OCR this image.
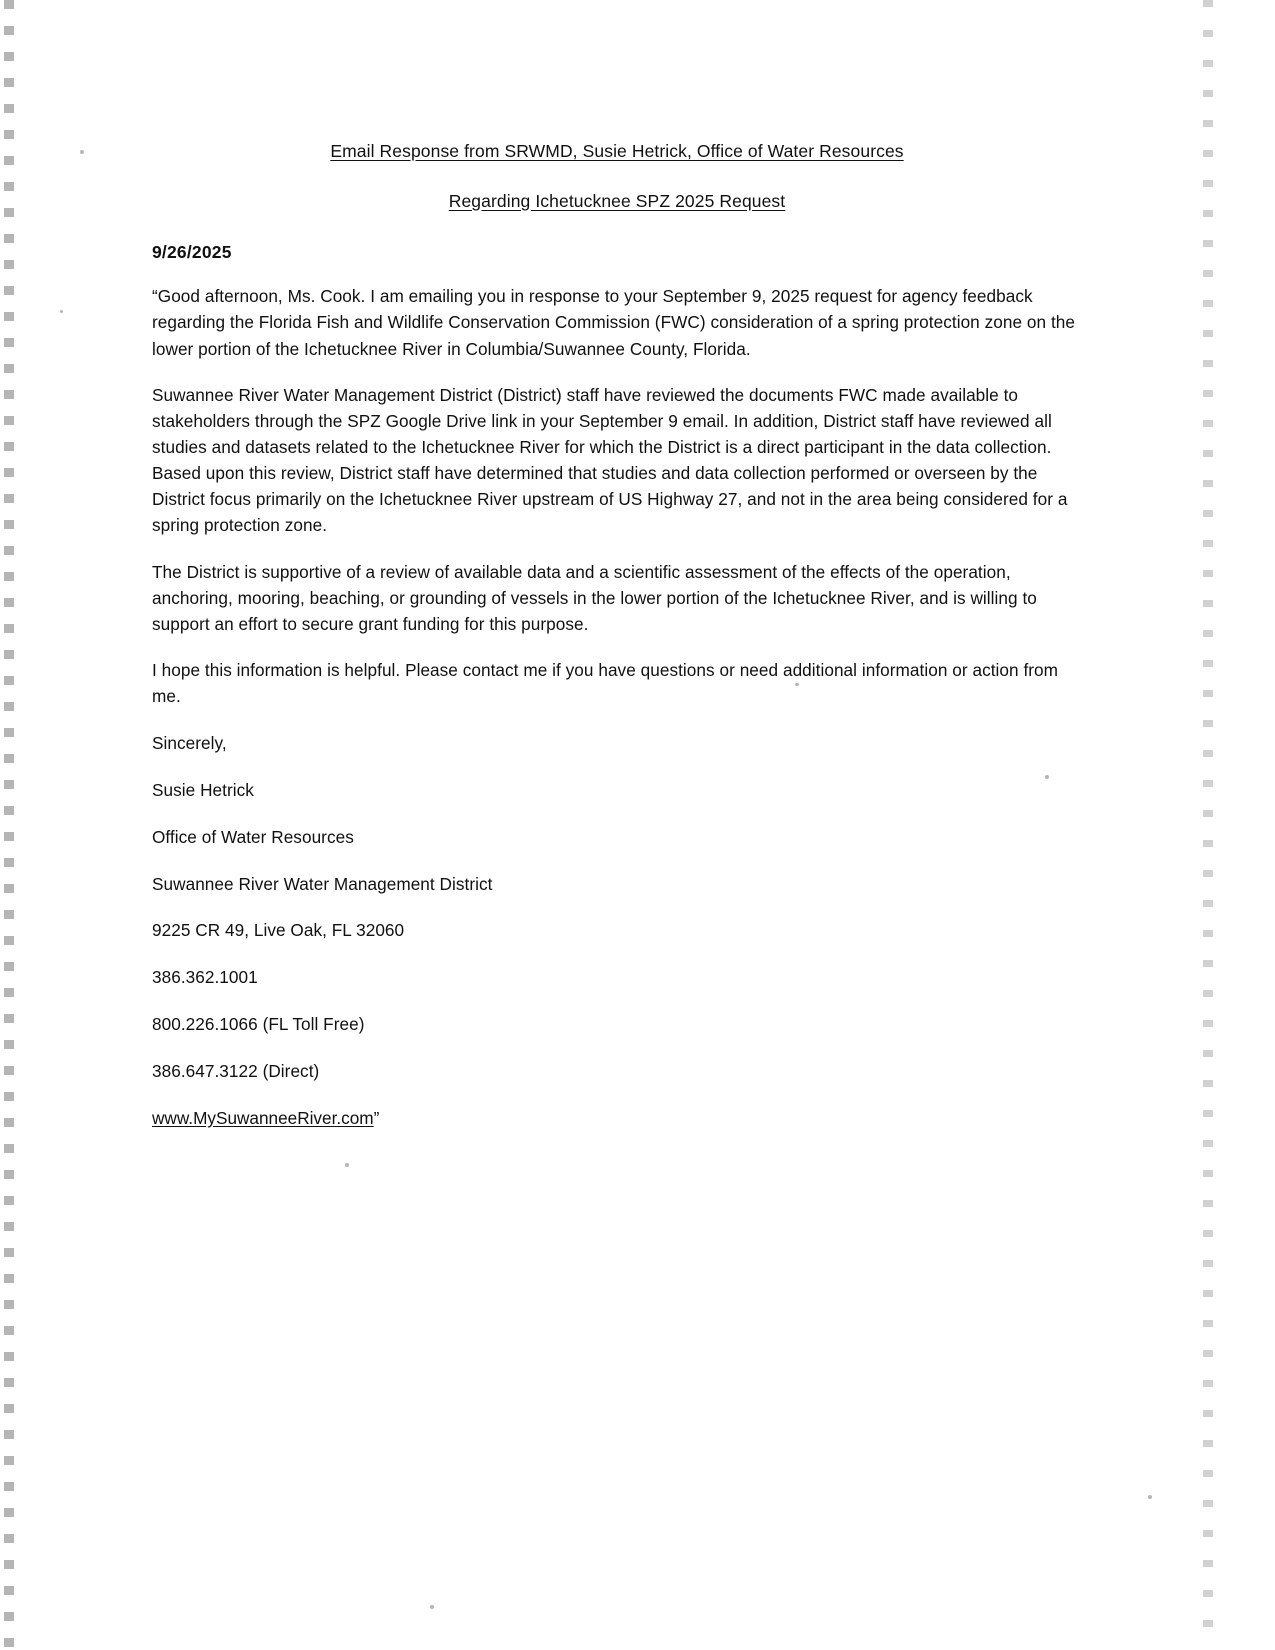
Email Response from SRWMD, Susie Hetrick, Office of Water Resources
Regarding Ichetucknee SPZ 2025 Request
9/26/2025

“Good afternoon, Ms. Cook. I am emailing you in response to your September 9, 2025 request for agency feedback regarding the Florida Fish and Wildlife Conservation Commission (FWC) consideration of a spring protection zone on the lower portion of the Ichetucknee River in Columbia/Suwannee County, Florida.

Suwannee River Water Management District (District) staff have reviewed the documents FWC made available to stakeholders through the SPZ Google Drive link in your September 9 email. In addition, District staff have reviewed all studies and datasets related to the Ichetucknee River for which the District is a direct participant in the data collection. Based upon this review, District staff have determined that studies and data collection performed or overseen by the District focus primarily on the Ichetucknee River upstream of US Highway 27, and not in the area being considered for a spring protection zone.

The District is supportive of a review of available data and a scientific assessment of the effects of the operation, anchoring, mooring, beaching, or grounding of vessels in the lower portion of the Ichetucknee River, and is willing to support an effort to secure grant funding for this purpose.

I hope this information is helpful. Please contact me if you have questions or need additional information or action from me.

Sincerely,
Susie Hetrick
Office of Water Resources
Suwannee River Water Management District
9225 CR 49, Live Oak, FL 32060
386.362.1001
800.226.1066 (FL Toll Free)
386.647.3122 (Direct)
www.MySuwanneeRiver.com”
